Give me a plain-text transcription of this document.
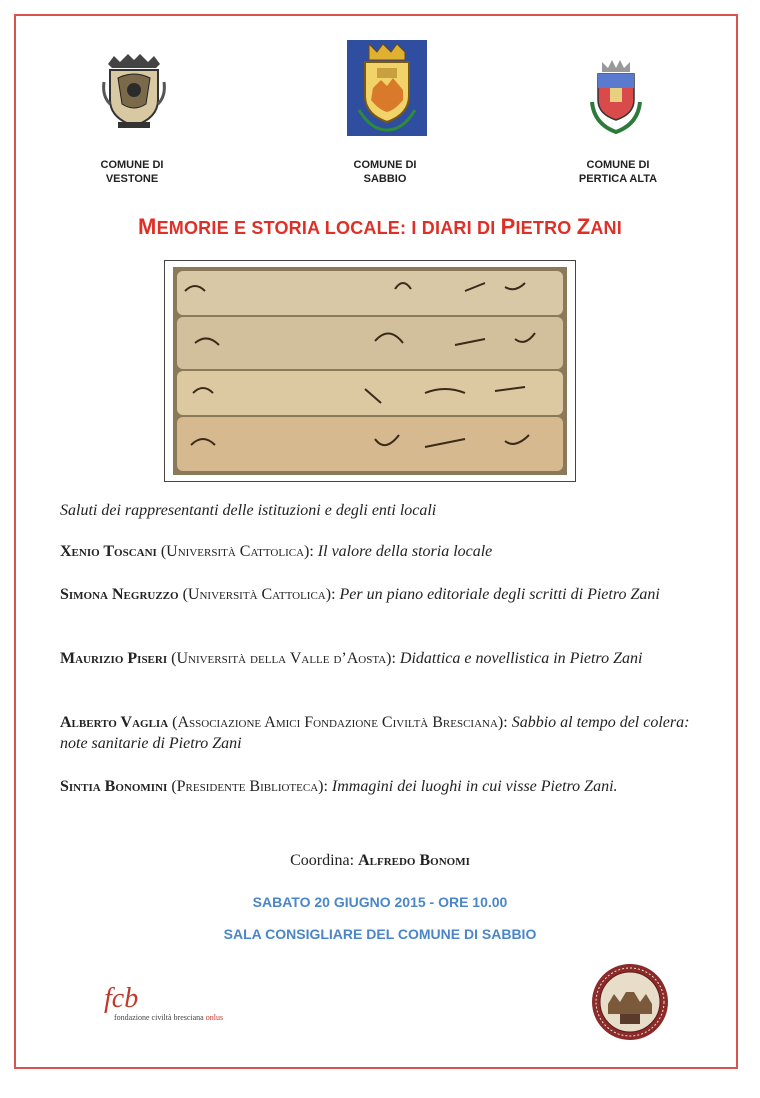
COMUNE DI
VESTONE
COMUNE DI
SABBIO
COMUNE DI
PERTICA ALTA
MEMORIE E STORIA LOCALE: I DIARI DI PIETRO ZANI
Saluti dei rappresentanti delle istituzioni e degli enti locali
Xenio Toscani (Università Cattolica): Il valore della storia locale
Simona Negruzzo (Università Cattolica): Per un piano editoriale degli scritti di Pietro Zani
Maurizio Piseri (Università della Valle d’Aosta): Didattica e novellistica in Pietro Zani
Alberto Vaglia (Associazione Amici Fondazione Civiltà Bresciana): Sabbio al tempo del colera: note sanitarie di Pietro Zani
Sintia Bonomini (Presidente Biblioteca): Immagini dei luoghi in cui visse Pietro Zani.
Coordina: Alfredo Bonomi
SABATO 20 GIUGNO 2015 - ORE 10.00
SALA CONSIGLIARE DEL COMUNE DI SABBIO
fcb
fondazione civiltà bresciana onlus
